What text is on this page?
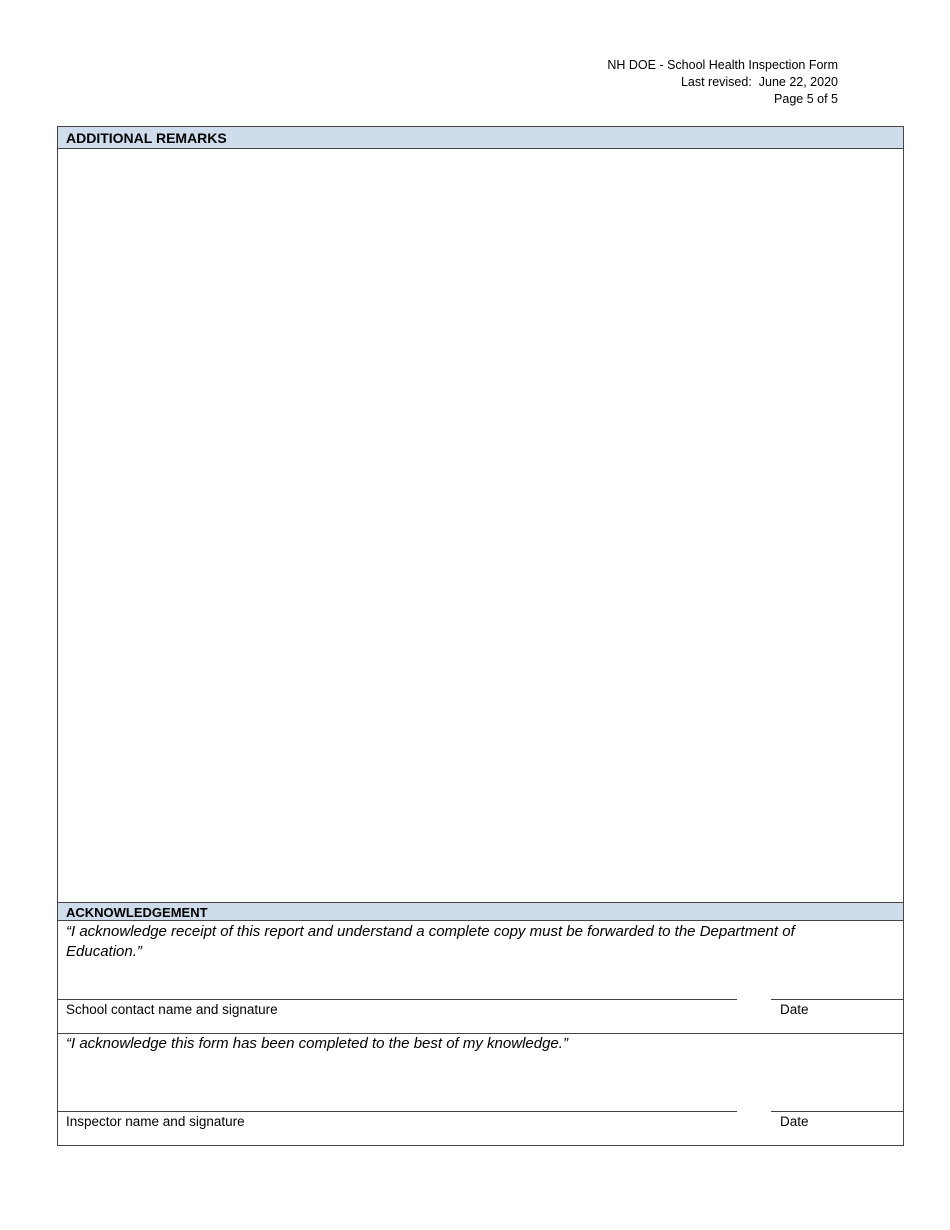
NH DOE - School Health Inspection Form
Last revised:  June 22, 2020
Page 5 of 5
ADDITIONAL REMARKS
ACKNOWLEDGEMENT
“I acknowledge receipt of this report and understand a complete copy must be forwarded to the Department of Education.”
School contact name and signature	Date
“I acknowledge this form has been completed to the best of my knowledge.”
Inspector name and signature	Date
